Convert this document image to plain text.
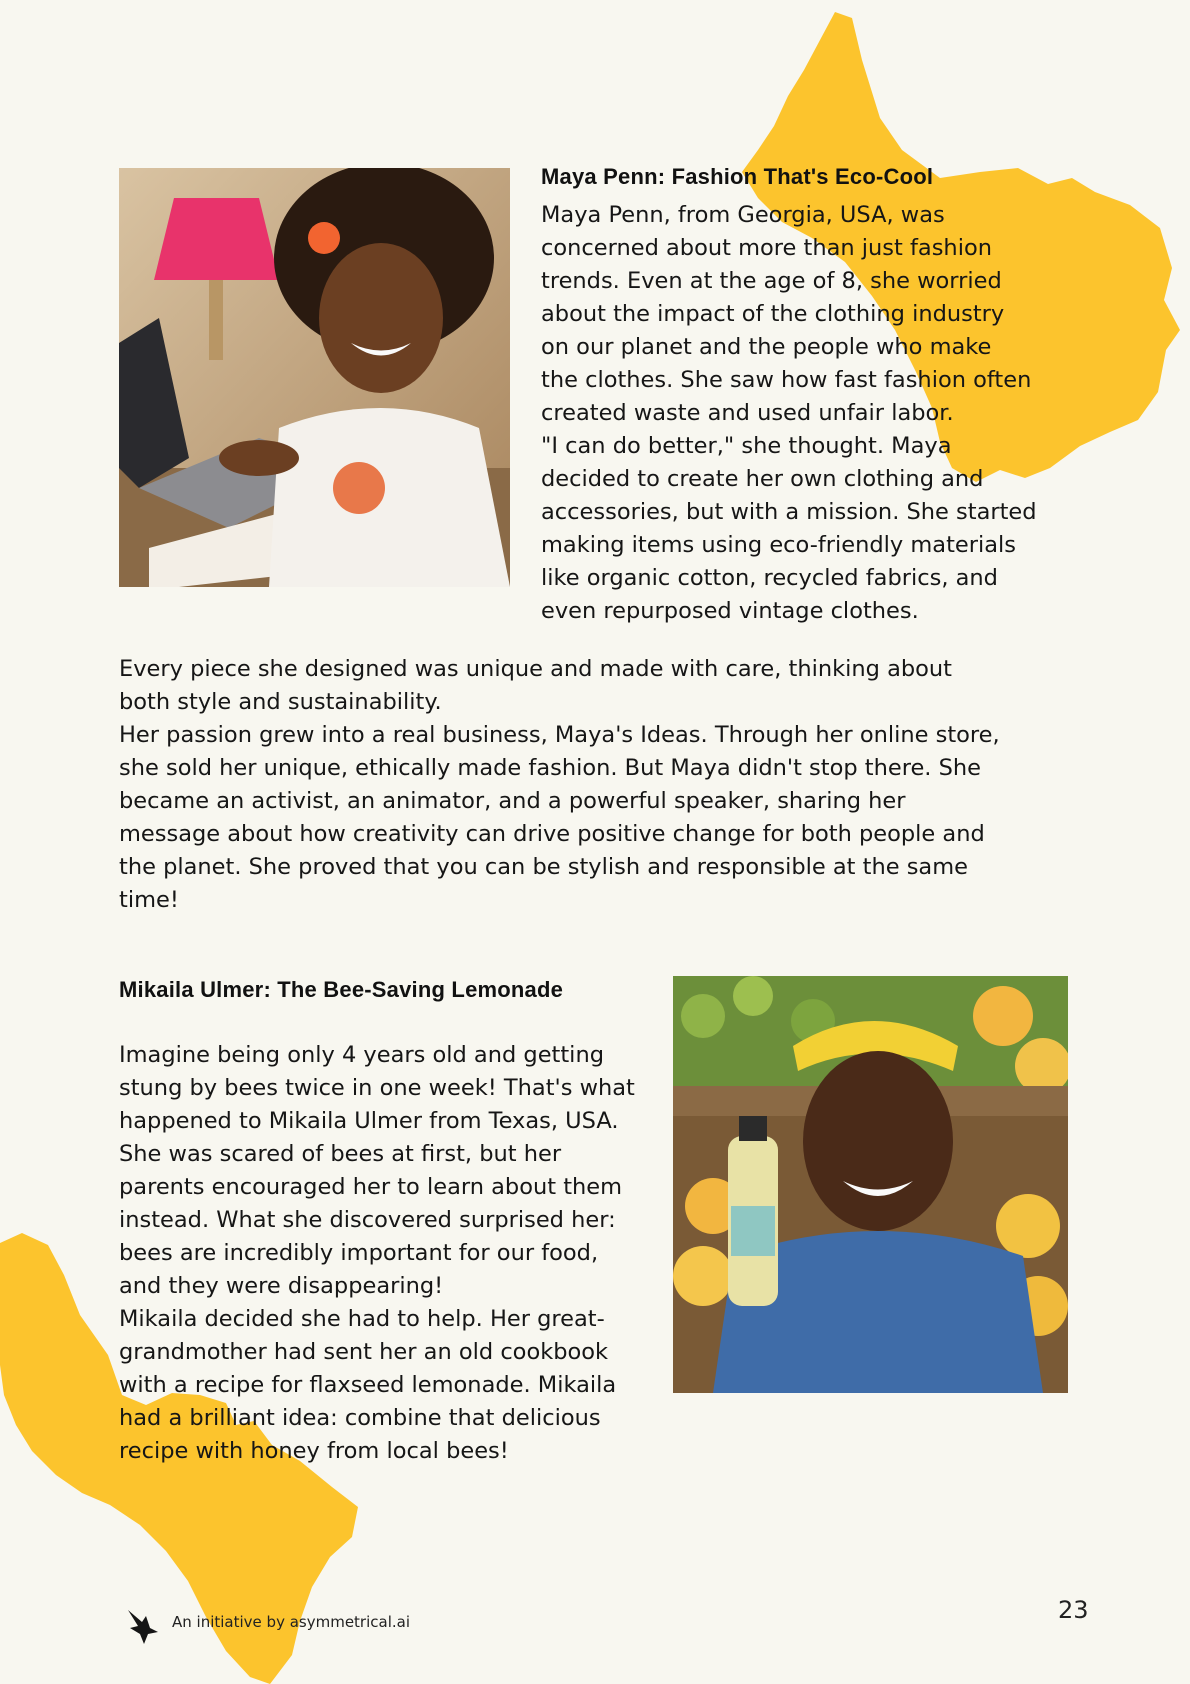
Maya Penn: Fashion That's Eco-Cool

Maya Penn, from Georgia, USA, was
concerned about more than just fashion
trends. Even at the age of 8, she worried
about the impact of the clothing industry
on our planet and the people who make
the clothes. She saw how fast fashion often
created waste and used unfair labor.
"I can do better," she thought. Maya
decided to create her own clothing and
accessories, but with a mission. She started
making items using eco-friendly materials
like organic cotton, recycled fabrics, and
even repurposed vintage clothes.

Every piece she designed was unique and made with care, thinking about
both style and sustainability.
Her passion grew into a real business, Maya's Ideas. Through her online store,
she sold her unique, ethically made fashion. But Maya didn't stop there. She
became an activist, an animator, and a powerful speaker, sharing her
message about how creativity can drive positive change for both people and
the planet. She proved that you can be stylish and responsible at the same
time!

Mikaila Ulmer: The Bee-Saving Lemonade

Imagine being only 4 years old and getting
stung by bees twice in one week! That's what
happened to Mikaila Ulmer from Texas, USA.
She was scared of bees at first, but her
parents encouraged her to learn about them
instead. What she discovered surprised her:
bees are incredibly important for our food,
and they were disappearing!
Mikaila decided she had to help. Her great-
grandmother had sent her an old cookbook
with a recipe for flaxseed lemonade. Mikaila
had a brilliant idea: combine that delicious
recipe with honey from local bees!

An initiative by asymmetrical.ai	23
